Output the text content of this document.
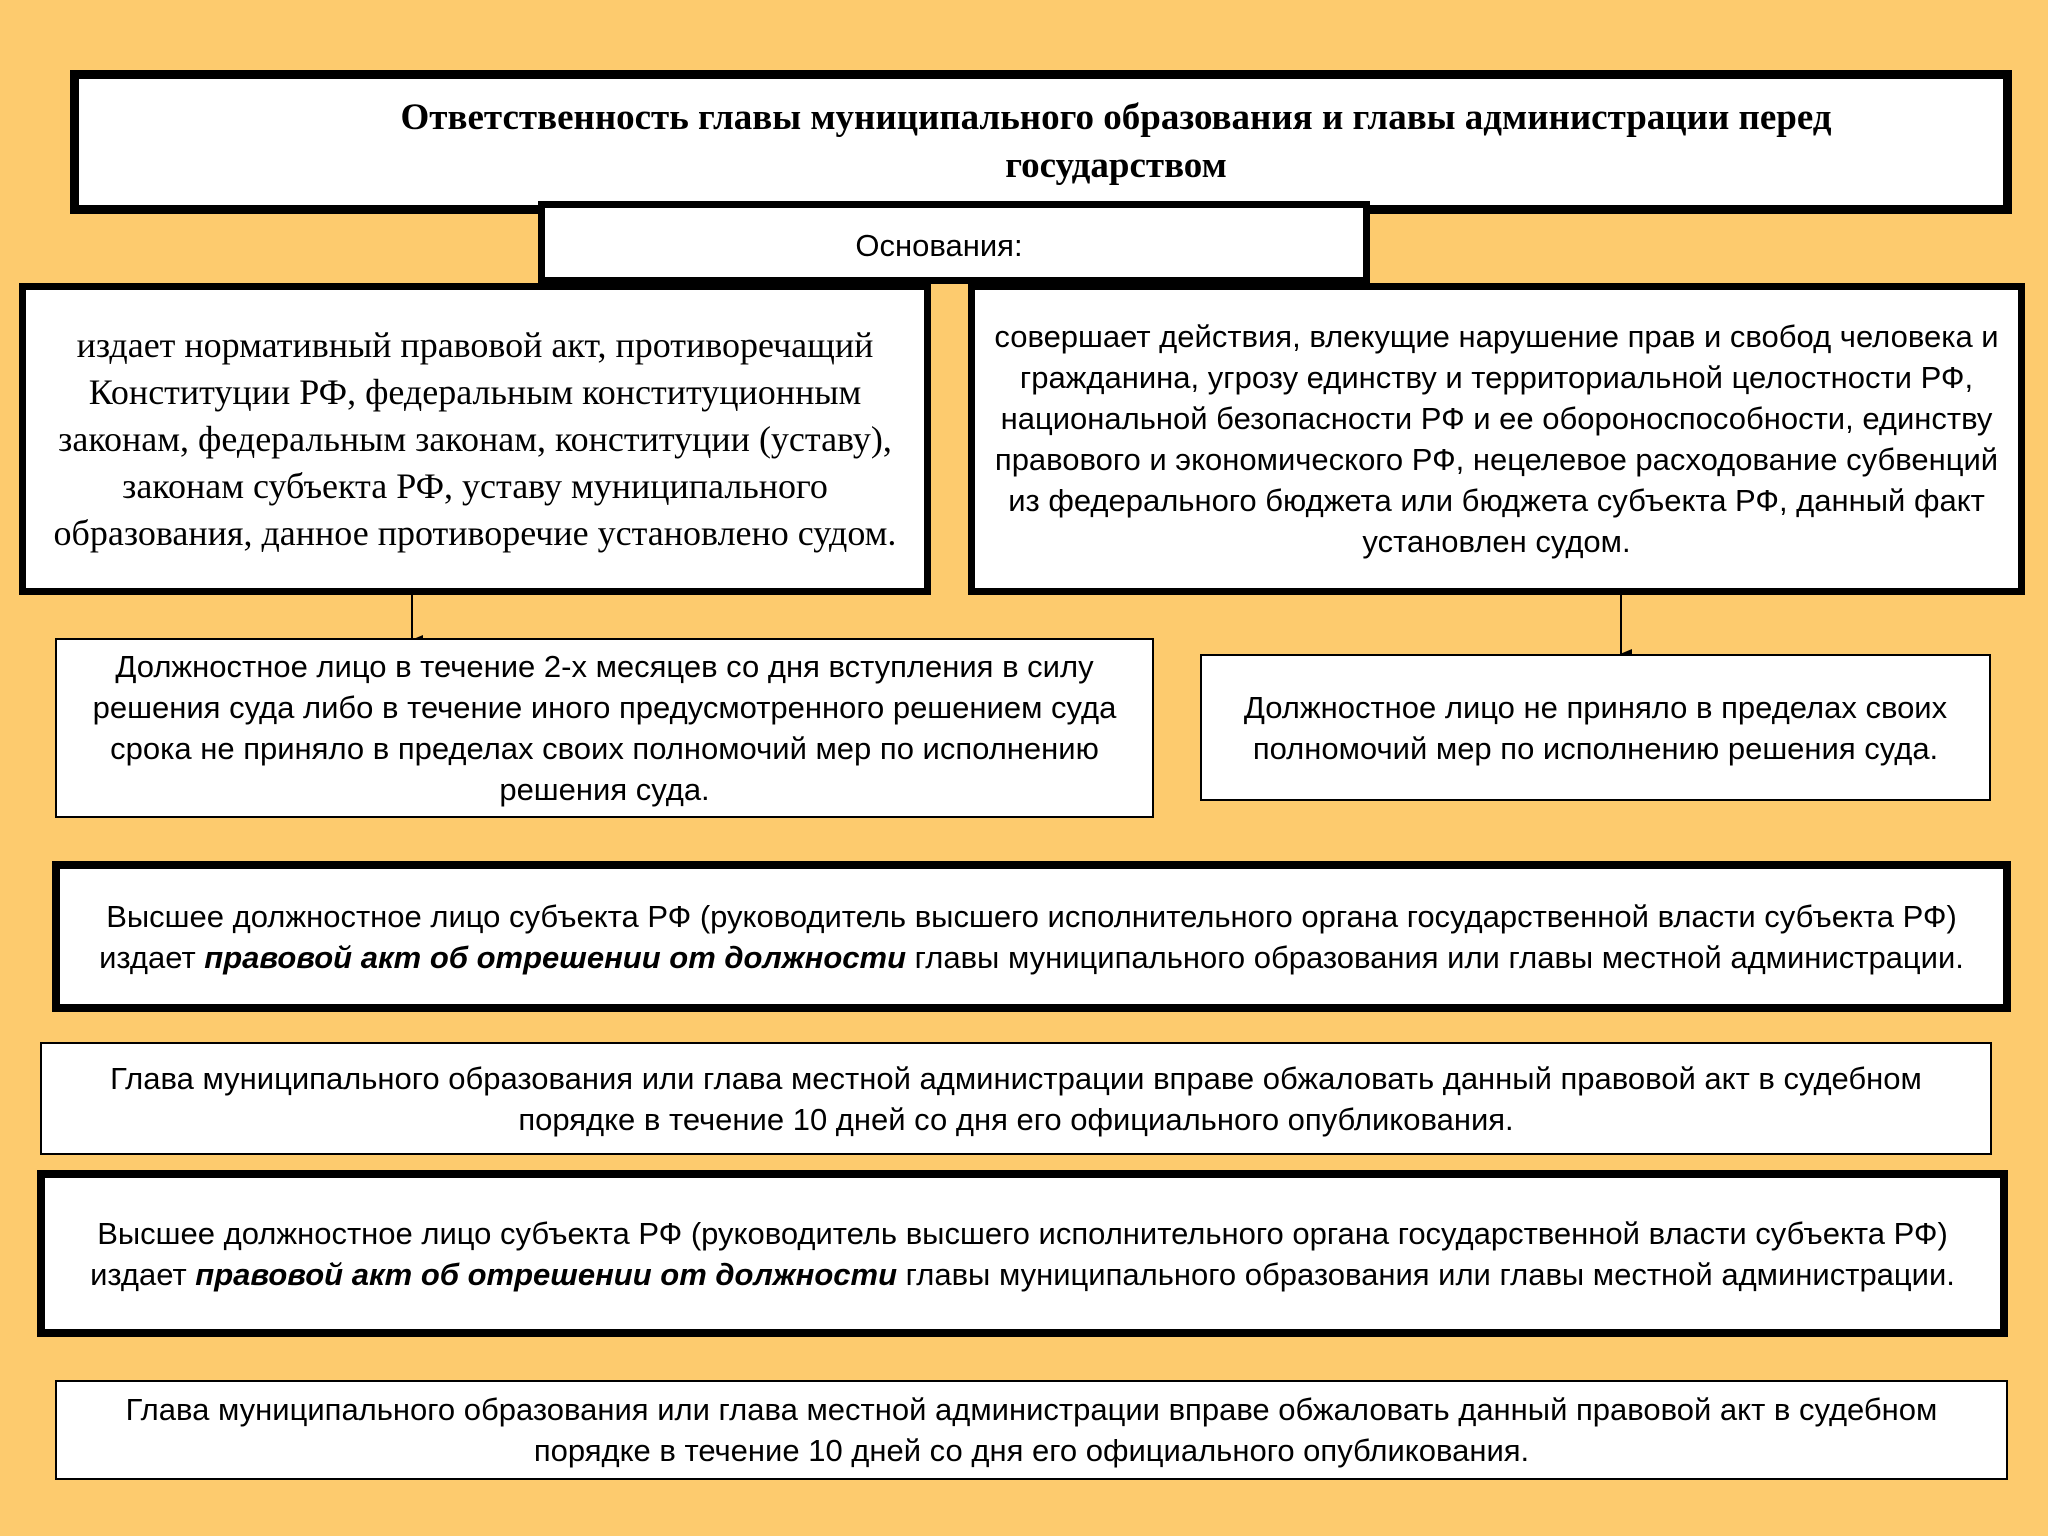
Ответственность главы муниципального образования и главы администрации перед государством

издает нормативный правовой акт, противоречащий Конституции РФ, федеральным конституционным законам, федеральным законам, конституции (уставу), законам субъекта РФ, уставу муниципального образования, данное противоречие установлено судом.

совершает действия, влекущие нарушение прав и свобод человека и гражданина, угрозу единству и территориальной целостности РФ, национальной безопасности РФ и ее обороноспособности, единству правового и экономического РФ, нецелевое расходование субвенций из федерального бюджета или бюджета субъекта РФ, данный факт установлен судом.

Основания:

Должностное лицо в течение 2-х месяцев со дня вступления в силу решения суда либо в течение иного предусмотренного решением суда срока не приняло в пределах своих полномочий мер по исполнению решения суда.

Должностное лицо не приняло в пределах своих полномочий мер по исполнению решения суда.

Высшее должностное лицо субъекта РФ (руководитель высшего исполнительного органа государственной власти субъекта РФ) издает правовой акт об отрешении от должности главы муниципального образования или главы местной администрации.

Глава муниципального образования или глава местной администрации вправе обжаловать данный правовой акт в судебном порядке в течение 10 дней со дня его официального опубликования.

Высшее должностное лицо субъекта РФ (руководитель высшего исполнительного органа государственной власти субъекта РФ) издает правовой акт об отрешении от должности главы муниципального образования или главы местной администрации.

Глава муниципального образования или глава местной администрации вправе обжаловать данный правовой акт в судебном порядке в течение 10 дней со дня его официального опубликования.
